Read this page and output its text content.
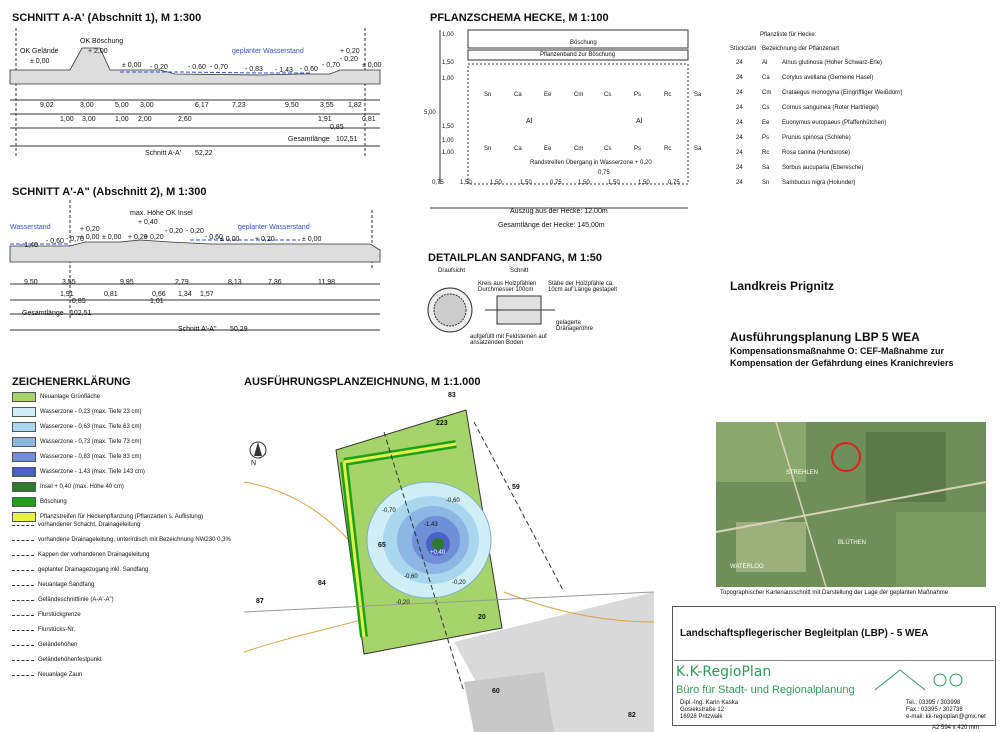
SCHNITT A-A' (Abschnitt 1), M 1:300
OK Gelände
± 0,00
OK Böschung
+ 2,00	geplanter Wasserstand
± 0,00 - 0,20	- 0,60 - 0,70 - 0,83 - 1,43 - 0,60
- 0,70
+ 0,20
- 0,20
± 0,00
9,02	3,00	5,00 3,00	6,17	7,23	9,50	3,55 1,82
1,00 3,00	1,00 2,00	2,60	1,91	0,81
0,85
Gesamtlänge 102,51
Schnitt A-A' 52,22
SCHNITT A'-A" (Abschnitt 2), M 1:300
Wasserstand
- 1,40
- 0,60 - 0,70
+ 0,20
± 0,00
max. Höhe OK Insel
+ 0,40
± 0,00 + 0,20
+ 0,20
- 0,20 - 0,20
- 0,60
± 0,00
geplanter Wasserstand
+ 0,20	± 0,00
9,50	3,55	9,95	2,79	8,13	7,36	11,98
1,91	0,81	0,66 1,34 1,57
0,85	1,01
Gesamtlänge 102,51
Schnitt A'-A" 50,29
PFLANZSCHEMA HECKE, M 1:100
Böschung
Pflanzenband zur Böschung
Sn	Ca	Ee	Cm	Cs	Ps	Rc	Sa
Al	Al
Sn	Ca	Ee	Cm	Cs	Ps	Rc	Sa
Randstreifen Übergang in Wasserzone + 0,20
1,00
1,50
1,00
5,00
1,50
1,00
1,00
0,75
0,75	1,50	1,50	1,50	0,75	1,50	1,50	1,50	0,75
Auszug aus der Hecke: 12,00m
Gesamtlänge der Hecke: 145,00m
Pflanzliste für Hecke:
Stückzahl Bezeichnung der Pflanzenart
24	Al Alnus glutinosa (Hoher Schwarz-Erle)
24	Ca Corylus avellana (Gemeine Hasel)
24	Cm Crataegus monogyna (Eingriffliger Weißdorn)
24	Cs Cornus sanguinea (Roter Hartriegel)
24	Ee Euonymus europaeus (Pfaffenhütchen)
24	Ps Prunus spinosa (Schlehe)
24	Rc Rosa canina (Hundsrose)
24	Sa Sorbus aucuparia (Eberesche)
24	Sn Sambucus nigra (Holunder)
DETAILPLAN SANDFANG, M 1:50
Draufsicht	Schnitt
Kreis aus Holzpfählen Durchmesser 100cm
Stäbe der Holzpfähle ca. 10cm auf Länge gestapelt
gelagerte Dränageröhre
aufgefüllt mit Feldsteinen auf ansatzenden Boden
Landkreis Prignitz
Ausführungsplanung LBP 5 WEA
Kompensationsmaßnahme O: CEF-Maßnahme zur Kompensation der Gefährdung eines Kranichreviers
STREHLEN
BLÜTHEN
WATERLOO
Topographischer Kartenausschnitt mit Darstellung der Lage der geplanten Maßnahme
ZEICHENERKLÄRUNG
Neuanlage Grünfläche
Wasserzone - 0,23 (max. Tiefe 23 cm)
Wasserzone - 0,63 (max. Tiefe 63 cm)
Wasserzone - 0,73 (max. Tiefe 73 cm)
Wasserzone - 0,83 (max. Tiefe 83 cm)
Wasserzone - 1,43 (max. Tiefe 143 cm)
Insel + 0,40 (max. Höhe 40 cm)
Böschung
Pflanzstreifen für Heckenpflanzung (Pflanzarten s. Auflistung)
vorhandener Schacht, Drainageleitung
vorhandene Drainageleitung, unterirdisch mit Bezeichnung NW230 0,3%
Kappen der vorhandenen Drainageleitung
geplanter Drainagezugang inkl. Sandfang
Neuanlage Sandfang
Geländeschnittlinie (A-A'-A")
Flurstückgrenze
Flurstücks-Nr.
Geländehöhen
Geländehöhenfestpunkt
Neuanlage Zaun
AUSFÜHRUNGSPLANZEICHNUNG, M 1:1.000
N
83
223
59
65
84
87
20
60
82
-0,70
-0,60
-1,43
-0,60
-0,20
-0,20
+0,40
Landschaftspflegerischer Begleitplan (LBP) - 5 WEA
K.K-RegioPlan
Büro für Stadt- und Regionalplanung
Dipl.-Ing. Karin Kaska
Gosiekstraße 12
16928 Pritzwalk
Tel.: 03395 / 303998
Fax.: 03395 / 302738
e-mail: kk-regioplan@gmx.net
A2 594 x 420 mm
